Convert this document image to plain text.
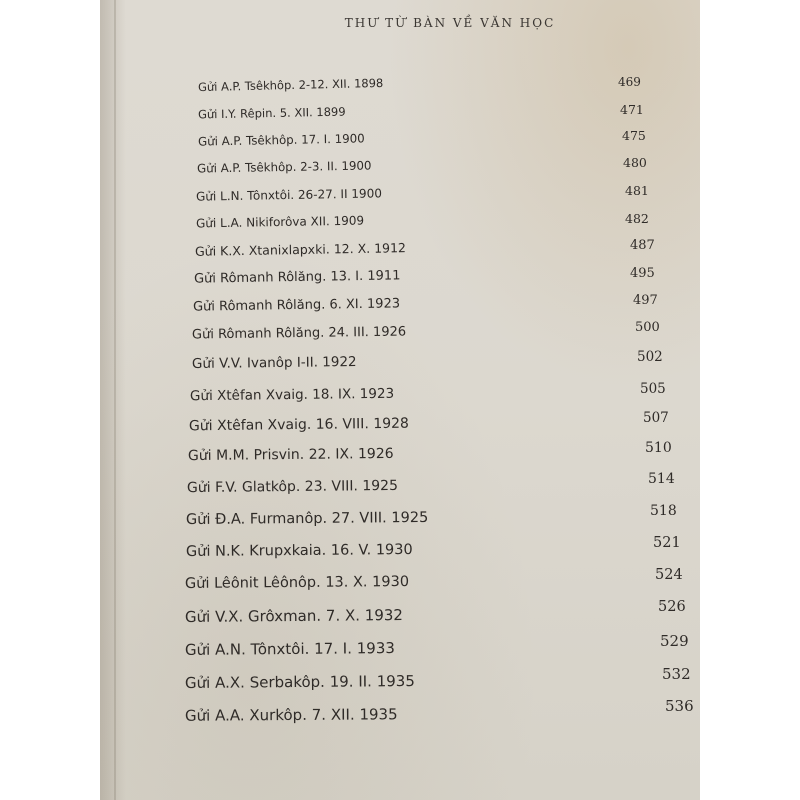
THƯ TỪ BÀN VỀ VĂN HỌC
Gửi A.P. Tsêkhôp. 2-12. XII. 1898	469
Gửi I.Y. Rêpin. 5. XII. 1899	471
Gửi A.P. Tsêkhôp. 17. I. 1900	475
Gửi A.P. Tsêkhôp. 2-3. II. 1900	480
Gửi L.N. Tônxtôi. 26-27. II 1900	481
Gửi L.A. Nikiforôva XII. 1909	482
Gửi K.X. Xtanixlapxki. 12. X. 1912	487
Gửi Rômanh Rôlăng. 13. I. 1911	495
Gửi Rômanh Rôlăng. 6. XI. 1923	497
Gửi Rômanh Rôlăng. 24. III. 1926	500
Gửi V.V. Ivanôp I-II. 1922	502
Gửi Xtêfan Xvaig. 18. IX. 1923	505
Gửi Xtêfan Xvaig. 16. VIII. 1928	507
Gửi M.M. Prisvin. 22. IX. 1926	510
Gửi F.V. Glatkôp. 23. VIII. 1925	514
Gửi Đ.A. Furmanôp. 27. VIII. 1925	518
Gửi N.K. Krupxkaia. 16. V. 1930	521
Gửi Lêônit Lêônôp. 13. X. 1930	524
Gửi V.X. Grôxman. 7. X. 1932	526
Gửi A.N. Tônxtôi. 17. I. 1933	529
Gửi A.X. Serbakôp. 19. II. 1935	532
Gửi A.A. Xurkôp. 7. XII. 1935	536
